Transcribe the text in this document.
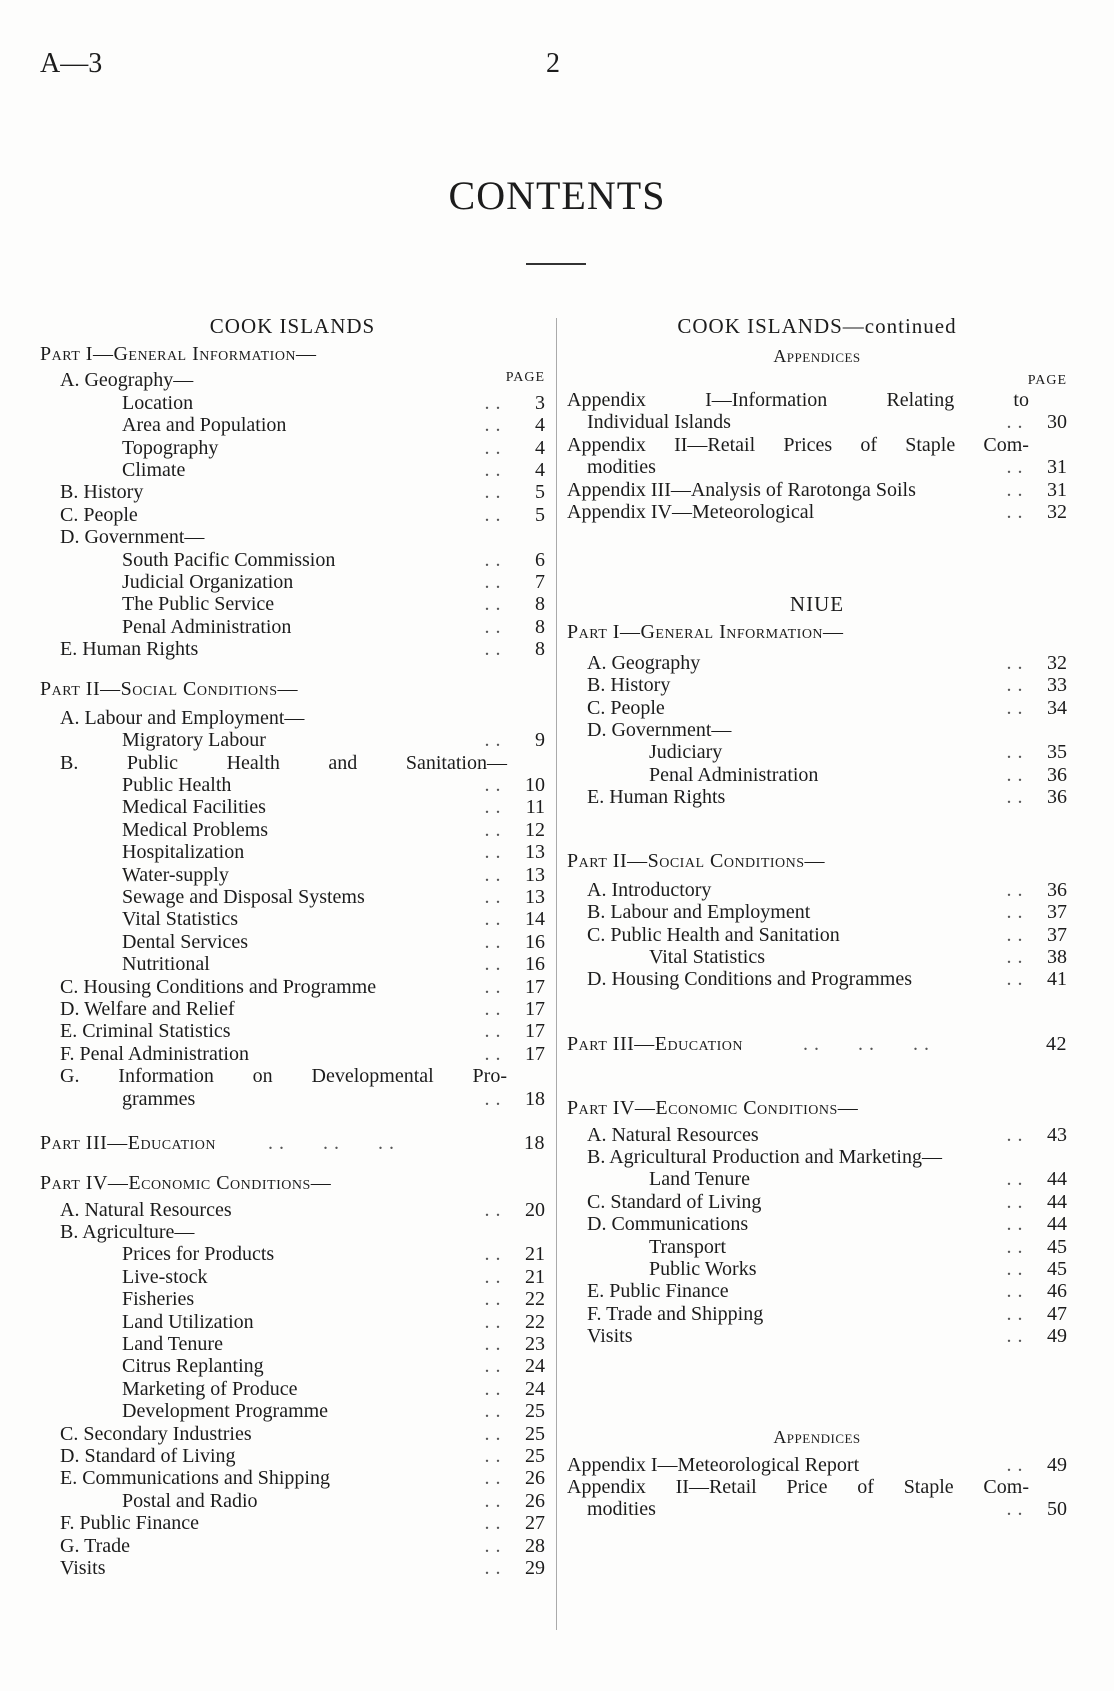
A—3	2
CONTENTS
COOK ISLANDS
Part I—General Information—
PAGE
A. Geography—
Location	. .	3
Area and Population	. .	4
Topography	. .	4
Climate	. .	4
B. History	. .	5
C. People	. .	5
D. Government—
South Pacific Commission	. .	6
Judicial Organization	. .	7
The Public Service	. .	8
Penal Administration	. .	8
E. Human Rights	. .	8
Part II—Social Conditions—
A. Labour and Employment—
Migratory Labour	. .	9
B. Public Health and Sanitation—
Public Health	. .	10
Medical Facilities	. .	11
Medical Problems	. .	12
Hospitalization	. .	13
Water-supply	. .	13
Sewage and Disposal Systems	. .	13
Vital Statistics	. .	14
Dental Services	. .	16
Nutritional	. .	16
C. Housing Conditions and Programme	. .	17
D. Welfare and Relief	. .	17
E. Criminal Statistics	. .	17
F. Penal Administration	. .	17
G. Information on Developmental Pro-
grammes	. .	18
Part III—Education	. .       . .       . .	18
Part IV—Economic Conditions—
A. Natural Resources	. .	20
B. Agriculture—
Prices for Products	. .	21
Live-stock	. .	21
Fisheries	. .	22
Land Utilization	. .	22
Land Tenure	. .	23
Citrus Replanting	. .	24
Marketing of Produce	. .	24
Development Programme	. .	25
C. Secondary Industries	. .	25
D. Standard of Living	. .	25
E. Communications and Shipping	. .	26
Postal and Radio	. .	26
F. Public Finance	. .	27
G. Trade	. .	28
Visits	. .	29
COOK ISLANDS—continued
Appendices
PAGE
Appendix	I—Information	Relating	to
Individual Islands	. .	30
Appendix II—Retail Prices of Staple Com-
modities	. .	31
Appendix III—Analysis of Rarotonga Soils	. .	31
Appendix IV—Meteorological	. .	32
NIUE
Part I—General Information—
A. Geography	. .	32
B. History	. .	33
C. People	. .	34
D. Government—
Judiciary	. .	35
Penal Administration	. .	36
E. Human Rights	. .	36
Part II—Social Conditions—
A. Introductory	. .	36
B. Labour and Employment	. .	37
C. Public Health and Sanitation	. .	37
Vital Statistics	. .	38
D. Housing Conditions and Programmes	. .	41
Part III—Education	. .       . .       . .	42
Part IV—Economic Conditions—
A. Natural Resources	. .	43
B. Agricultural Production and Marketing—
Land Tenure	. .	44
C. Standard of Living	. .	44
D. Communications	. .	44
Transport	. .	45
Public Works	. .	45
E. Public Finance	. .	46
F. Trade and Shipping	. .	47
Visits	. .	49
Appendices
Appendix I—Meteorological Report	. .	49
Appendix II—Retail Price of Staple Com-
modities	. .	50
